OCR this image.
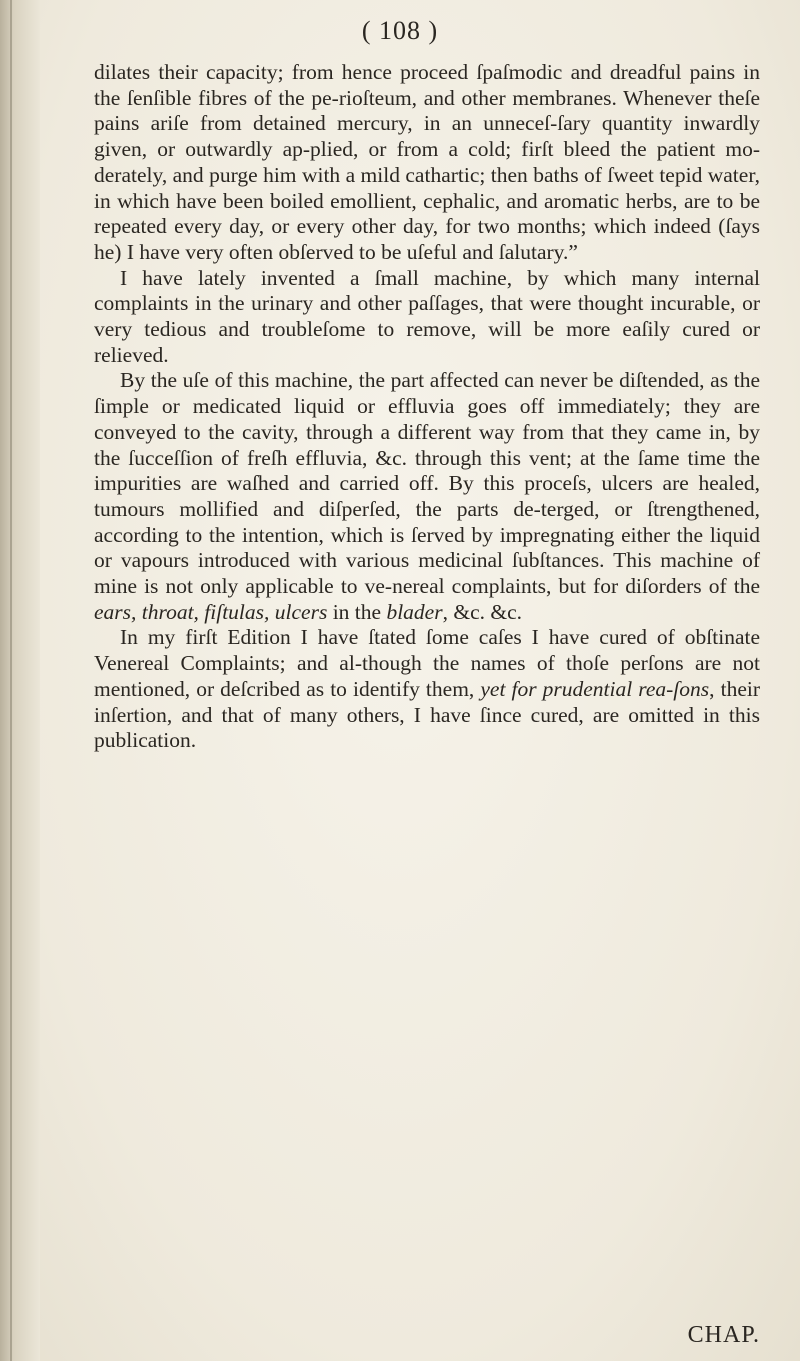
( 108 )

dilates their capacity; from hence proceed ſpaſmodic and dreadful pains in the ſenſible fibres of the pe-rioſteum, and other membranes. Whenever theſe pains ariſe from detained mercury, in an unneceſ-ſary quantity inwardly given, or outwardly ap-plied, or from a cold; firſt bleed the patient mo-derately, and purge him with a mild cathartic; then baths of ſweet tepid water, in which have been boiled emollient, cephalic, and aromatic herbs, are to be repeated every day, or every other day, for two months; which indeed (ſays he) I have very often obſerved to be uſeful and ſalutary.”

I have lately invented a ſmall machine, by which many internal complaints in the urinary and other paſſages, that were thought incurable, or very tedious and troubleſome to remove, will be more eaſily cured or relieved.

By the uſe of this machine, the part affected can never be diſtended, as the ſimple or medicated liquid or effluvia goes off immediately; they are conveyed to the cavity, through a different way from that they came in, by the ſucceſſion of freſh effluvia, &c. through this vent; at the ſame time the impurities are waſhed and carried off. By this proceſs, ulcers are healed, tumours mollified and diſperſed, the parts de-terged, or ſtrengthened, according to the intention, which is ſerved by impregnating either the liquid or vapours introduced with various medicinal ſubſtances. This machine of mine is not only applicable to ve-nereal complaints, but for diſorders of the ears, throat, fiſtulas, ulcers in the blader, &c. &c.

In my firſt Edition I have ſtated ſome caſes I have cured of obſtinate Venereal Complaints; and al-though the names of thoſe perſons are not mentioned, or deſcribed as to identify them, yet for prudential rea-ſons, their inſertion, and that of many others, I have ſince cured, are omitted in this publication.

CHAP.
